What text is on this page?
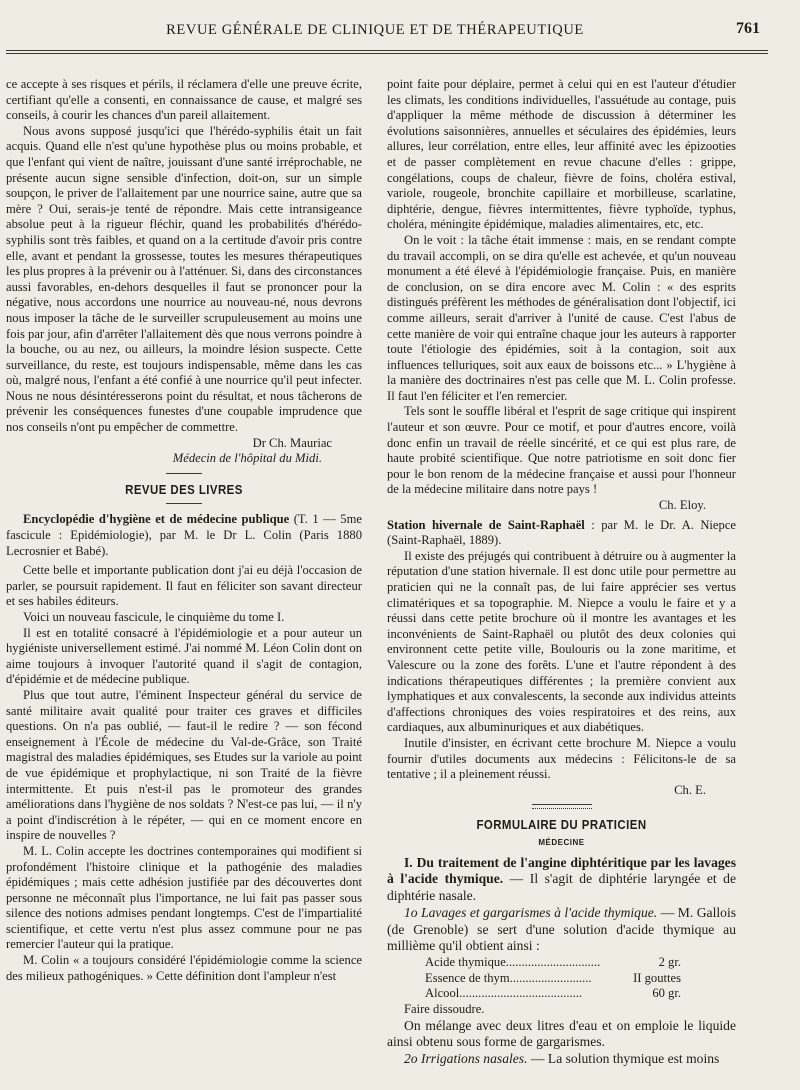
REVUE GÉNÉRALE DE CLINIQUE ET DE THÉRAPEUTIQUE	761

ce accepte à ses risques et périls, il réclamera d'elle une preuve écrite, certifiant qu'elle a consenti, en connaissance de cause, et malgré ses conseils, à courir les chances d'un pareil allaitement.

Nous avons supposé jusqu'ici que l'hérédo-syphilis était un fait acquis. Quand elle n'est qu'une hypothèse plus ou moins probable, et que l'enfant qui vient de naître, jouissant d'une santé irréprochable, ne présente aucun signe sensible d'infection, doit-on, sur un simple soupçon, le priver de l'allaitement par une nourrice saine, autre que sa mère ? Oui, serais-je tenté de répondre. Mais cette intransigeance absolue peut à la rigueur fléchir, quand les probabilités d'hérédo-syphilis sont très faibles, et quand on a la certitude d'avoir pris contre elle, avant et pendant la grossesse, toutes les mesures thérapeutiques les plus propres à la prévenir ou à l'atténuer. Si, dans des circonstances aussi favorables, en-dehors desquelles il faut se prononcer pour la négative, nous accordons une nourrice au nouveau-né, nous devrons nous imposer la tâche de le surveiller scrupuleusement au moins une fois par jour, afin d'arrêter l'allaitement dès que nous verrons poindre à la bouche, ou au nez, ou ailleurs, la moindre lésion suspecte. Cette surveillance, du reste, est toujours indispensable, même dans les cas où, malgré nous, l'enfant a été confié à une nourrice qu'il peut infecter. Nous ne nous désintéresserons point du résultat, et nous tâcherons de prévenir les conséquences funestes d'une coupable imprudence que nos conseils n'ont pu empêcher de commettre.

Dr Ch. Mauriac

Médecin de l'hôpital du Midi.

REVUE DES LIVRES

Encyclopédie d'hygiène et de médecine publique (T. 1 — 5me fascicule : Epidémiologie), par M. le Dr L. Colin (Paris 1880 Lecrosnier et Babé).

Cette belle et importante publication dont j'ai eu déjà l'occasion de parler, se poursuit rapidement. Il faut en féliciter son savant directeur et ses habiles éditeurs.

Voici un nouveau fascicule, le cinquième du tome I.

Il est en totalité consacré à l'épidémiologie et a pour auteur un hygiéniste universellement estimé. J'ai nommé M. Léon Colin dont on aime toujours à invoquer l'autorité quand il s'agit de contagion, d'épidémie et de médecine publique.

Plus que tout autre, l'éminent Inspecteur général du service de santé militaire avait qualité pour traiter ces graves et difficiles questions. On n'a pas oublié, — faut-il le redire ? — son fécond enseignement à l'École de médecine du Val-de-Grâce, son Traité magistral des maladies épidémiques, ses Etudes sur la variole au point de vue épidémique et prophylactique, ni son Traité de la fièvre intermittente. Et puis n'est-il pas le promoteur des grandes améliorations dans l'hygiène de nos soldats ? N'est-ce pas lui, — il n'y a point d'indiscrétion à le répéter, — qui en ce moment encore en inspire de nouvelles ?

M. L. Colin accepte les doctrines contemporaines qui modifient si profondément l'histoire clinique et la pathogénie des maladies épidémiques ; mais cette adhésion justifiée par des découvertes dont personne ne méconnaît plus l'importance, ne lui fait pas passer sous silence des notions admises pendant longtemps. C'est de l'impartialité scientifique, et cette vertu n'est plus assez commune pour ne pas remercier l'auteur qui la pratique.

M. Colin « a toujours considéré l'épidémiologie comme la science des milieux pathogéniques. » Cette définition dont l'ampleur n'est

point faite pour déplaire, permet à celui qui en est l'auteur d'étudier les climats, les conditions individuelles, l'assuétude au contage, puis d'appliquer la même méthode de discussion à déterminer les évolutions saisonnières, annuelles et séculaires des épidémies, leurs allures, leur corrélation, entre elles, leur affinité avec les épizooties et de passer complètement en revue chacune d'elles : grippe, congélations, coups de chaleur, fièvre de foins, choléra estival, variole, rougeole, bronchite capillaire et morbilleuse, scarlatine, diphtérie, dengue, fièvres intermittentes, fièvre typhoïde, typhus, choléra, méningite épidémique, maladies alimentaires, etc, etc.

On le voit : la tâche était immense : mais, en se rendant compte du travail accompli, on se dira qu'elle est achevée, et qu'un nouveau monument a été élevé à l'épidémiologie française. Puis, en manière de conclusion, on se dira encore avec M. Colin : « des esprits distingués préfèrent les méthodes de généralisation dont l'objectif, ici comme ailleurs, serait d'arriver à l'unité de cause. C'est l'abus de cette manière de voir qui entraîne chaque jour les auteurs à rapporter toute l'étiologie des épidémies, soit à la contagion, soit aux influences telluriques, soit aux eaux de boissons etc... » L'hygiène à la manière des doctrinaires n'est pas celle que M. L. Colin professe. Il faut l'en féliciter et l'en remercier.

Tels sont le souffle libéral et l'esprit de sage critique qui inspirent l'auteur et son œuvre. Pour ce motif, et pour d'autres encore, voilà donc enfin un travail de réelle sincérité, et ce qui est plus rare, de haute probité scientifique. Que notre patriotisme en soit donc fier pour le bon renom de la médecine française et aussi pour l'honneur de la médecine militaire dans notre pays !

Ch. Eloy.

Station hivernale de Saint-Raphaël : par M. le Dr. A. Niepce (Saint-Raphaël, 1889).

Il existe des préjugés qui contribuent à détruire ou à augmenter la réputation d'une station hivernale. Il est donc utile pour permettre au praticien qui ne la connaît pas, de lui faire apprécier ses vertus climatériques et sa topographie. M. Niepce a voulu le faire et y a réussi dans cette petite brochure où il montre les avantages et les inconvénients de Saint-Raphaël ou plutôt des deux colonies qui environnent cette petite ville, Boulouris ou la zone maritime, et Valescure ou la zone des forêts. L'une et l'autre répondent à des indications thérapeutiques différentes ; la première convient aux lymphatiques et aux convalescents, la seconde aux individus atteints d'affections chroniques des voies respiratoires et des reins, aux cardiaques, aux albuminuriques et aux diabétiques.

Inutile d'insister, en écrivant cette brochure M. Niepce a voulu fournir d'utiles documents aux médecins : Félicitons-le de sa tentative ; il a pleinement réussi.

Ch. E.

FORMULAIRE DU PRATICIEN
MÉDECINE

I. Du traitement de l'angine diphtéritique par les lavages à l'acide thymique. — Il s'agit de diphtérie laryngée et de diphtérie nasale.

1o Lavages et gargarismes à l'acide thymique. — M. Gallois (de Grenoble) se sert d'une solution d'acide thymique au millième qu'il obtient ainsi :

Acide thymique..............................	2 gr.
Essence de thym..........................	II gouttes
Alcool.......................................	60 gr.

Faire dissoudre.

On mélange avec deux litres d'eau et on emploie le liquide ainsi obtenu sous forme de gargarismes.

2o Irrigations nasales. — La solution thymique est moins
